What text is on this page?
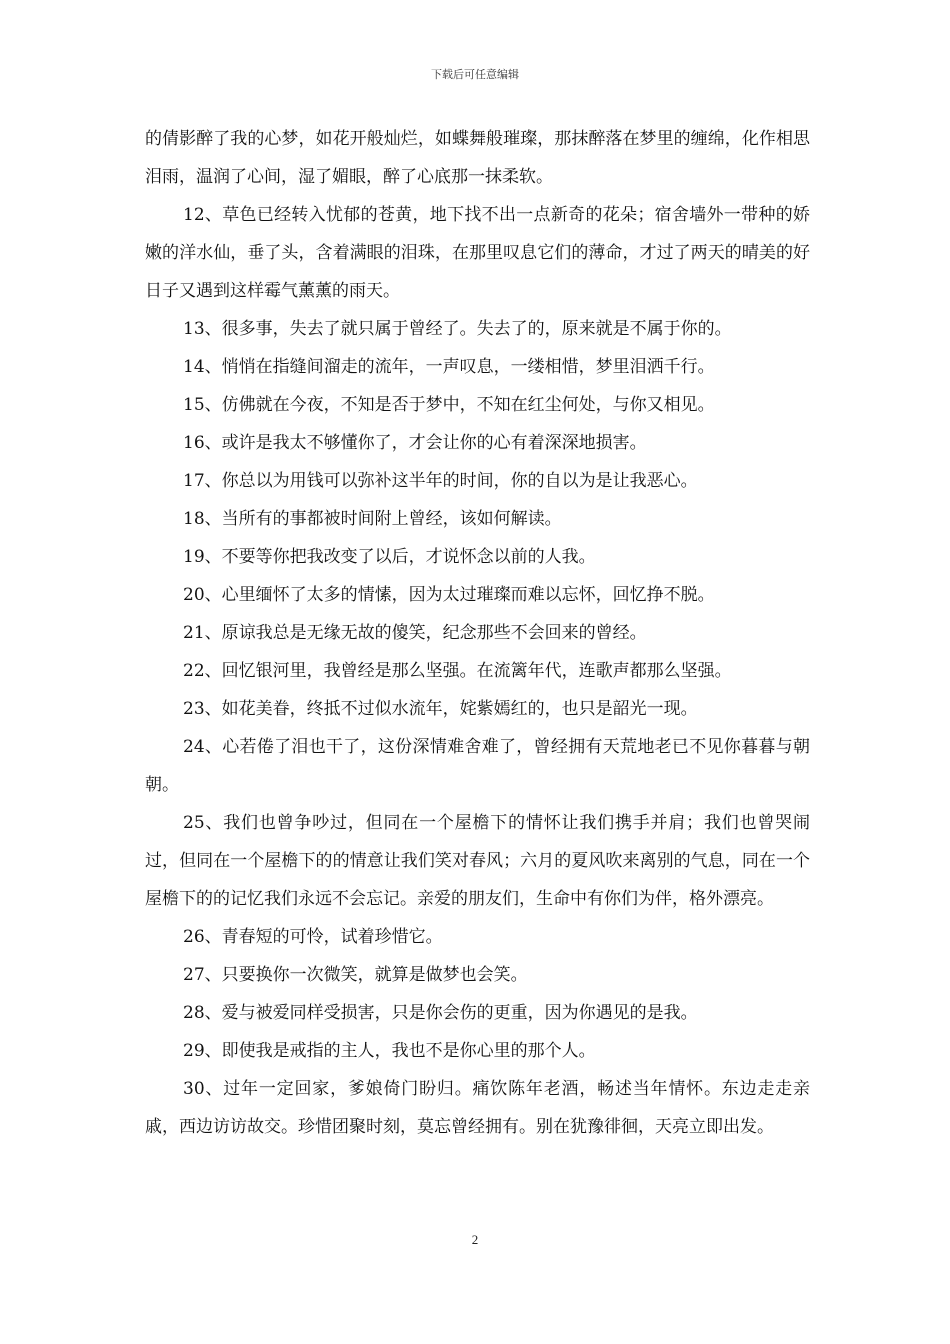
下载后可任意编辑

的倩影醉了我的心梦，如花开般灿烂，如蝶舞般璀璨，那抹醉落在梦里的缠绵，化作相思泪雨，温润了心间，湿了媚眼，醉了心底那一抹柔软。

12、草色已经转入忧郁的苍黄，地下找不出一点新奇的花朵；宿舍墙外一带种的娇嫩的洋水仙，垂了头，含着满眼的泪珠，在那里叹息它们的薄命，才过了两天的晴美的好日子又遇到这样霉气薰薰的雨天。

13、很多事，失去了就只属于曾经了。失去了的，原来就是不属于你的。

14、悄悄在指缝间溜走的流年，一声叹息，一缕相惜，梦里泪洒千行。

15、仿佛就在今夜，不知是否于梦中，不知在红尘何处，与你又相见。

16、或许是我太不够懂你了，才会让你的心有着深深地损害。

17、你总以为用钱可以弥补这半年的时间，你的自以为是让我恶心。

18、当所有的事都被时间附上曾经，该如何解读。

19、不要等你把我改变了以后，才说怀念以前的人我。

20、心里缅怀了太多的情愫，因为太过璀璨而难以忘怀，回忆挣不脱。

21、原谅我总是无缘无故的傻笑，纪念那些不会回来的曾经。

22、回忆银河里，我曾经是那么坚强。在流篱年代，连歌声都那么坚强。

23、如花美眷，终抵不过似水流年，姹紫嫣红的，也只是韶光一现。

24、心若倦了泪也干了，这份深情难舍难了，曾经拥有天荒地老已不见你暮暮与朝朝。

25、我们也曾争吵过，但同在一个屋檐下的情怀让我们携手并肩；我们也曾哭闹过，但同在一个屋檐下的的情意让我们笑对春风；六月的夏风吹来离别的气息，同在一个屋檐下的的记忆我们永远不会忘记。亲爱的朋友们，生命中有你们为伴，格外漂亮。

26、青春短的可怜，试着珍惜它。

27、只要换你一次微笑，就算是做梦也会笑。

28、爱与被爱同样受损害，只是你会伤的更重，因为你遇见的是我。

29、即使我是戒指的主人，我也不是你心里的那个人。

30、过年一定回家，爹娘倚门盼归。痛饮陈年老酒，畅述当年情怀。东边走走亲戚，西边访访故交。珍惜团聚时刻，莫忘曾经拥有。别在犹豫徘徊，天亮立即出发。

2
